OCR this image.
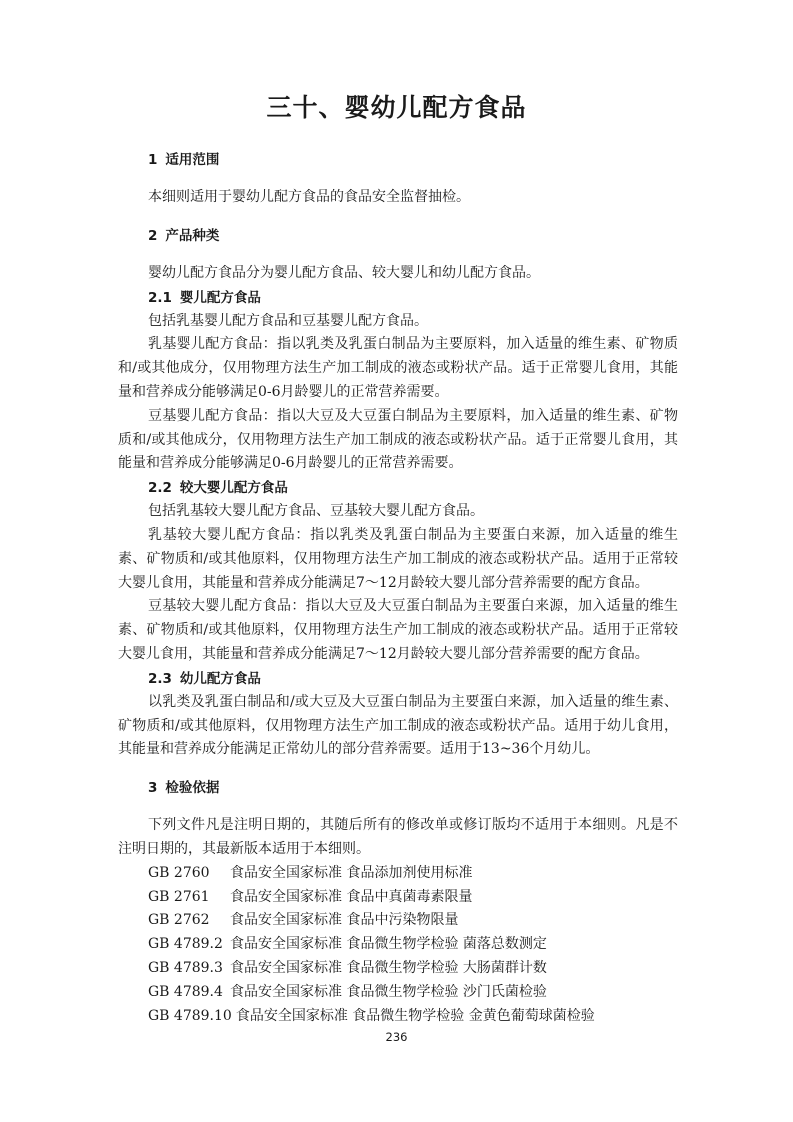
三十、婴幼儿配方食品
1 适用范围
本细则适用于婴幼儿配方食品的食品安全监督抽检。
2 产品种类
婴幼儿配方食品分为婴儿配方食品、较大婴儿和幼儿配方食品。
2.1 婴儿配方食品
包括乳基婴儿配方食品和豆基婴儿配方食品。
乳基婴儿配方食品：指以乳类及乳蛋白制品为主要原料，加入适量的维生素、矿物质和/或其他成分，仅用物理方法生产加工制成的液态或粉状产品。适于正常婴儿食用，其能量和营养成分能够满足0-6月龄婴儿的正常营养需要。
豆基婴儿配方食品：指以大豆及大豆蛋白制品为主要原料，加入适量的维生素、矿物质和/或其他成分，仅用物理方法生产加工制成的液态或粉状产品。适于正常婴儿食用，其能量和营养成分能够满足0-6月龄婴儿的正常营养需要。
2.2 较大婴儿配方食品
包括乳基较大婴儿配方食品、豆基较大婴儿配方食品。
乳基较大婴儿配方食品：指以乳类及乳蛋白制品为主要蛋白来源，加入适量的维生素、矿物质和/或其他原料，仅用物理方法生产加工制成的液态或粉状产品。适用于正常较大婴儿食用，其能量和营养成分能满足7～12月龄较大婴儿部分营养需要的配方食品。
豆基较大婴儿配方食品：指以大豆及大豆蛋白制品为主要蛋白来源，加入适量的维生素、矿物质和/或其他原料，仅用物理方法生产加工制成的液态或粉状产品。适用于正常较大婴儿食用，其能量和营养成分能满足7～12月龄较大婴儿部分营养需要的配方食品。
2.3 幼儿配方食品
以乳类及乳蛋白制品和/或大豆及大豆蛋白制品为主要蛋白来源，加入适量的维生素、矿物质和/或其他原料，仅用物理方法生产加工制成的液态或粉状产品。适用于幼儿食用，其能量和营养成分能满足正常幼儿的部分营养需要。适用于13~36个月幼儿。
3 检验依据
下列文件凡是注明日期的，其随后所有的修改单或修订版均不适用于本细则。凡是不注明日期的，其最新版本适用于本细则。
GB 2760 食品安全国家标准 食品添加剂使用标准
GB 2761 食品安全国家标准 食品中真菌毒素限量
GB 2762 食品安全国家标准 食品中污染物限量
GB 4789.2 食品安全国家标准 食品微生物学检验 菌落总数测定
GB 4789.3 食品安全国家标准 食品微生物学检验 大肠菌群计数
GB 4789.4 食品安全国家标准 食品微生物学检验 沙门氏菌检验
GB 4789.10 食品安全国家标准 食品微生物学检验 金黄色葡萄球菌检验
236
